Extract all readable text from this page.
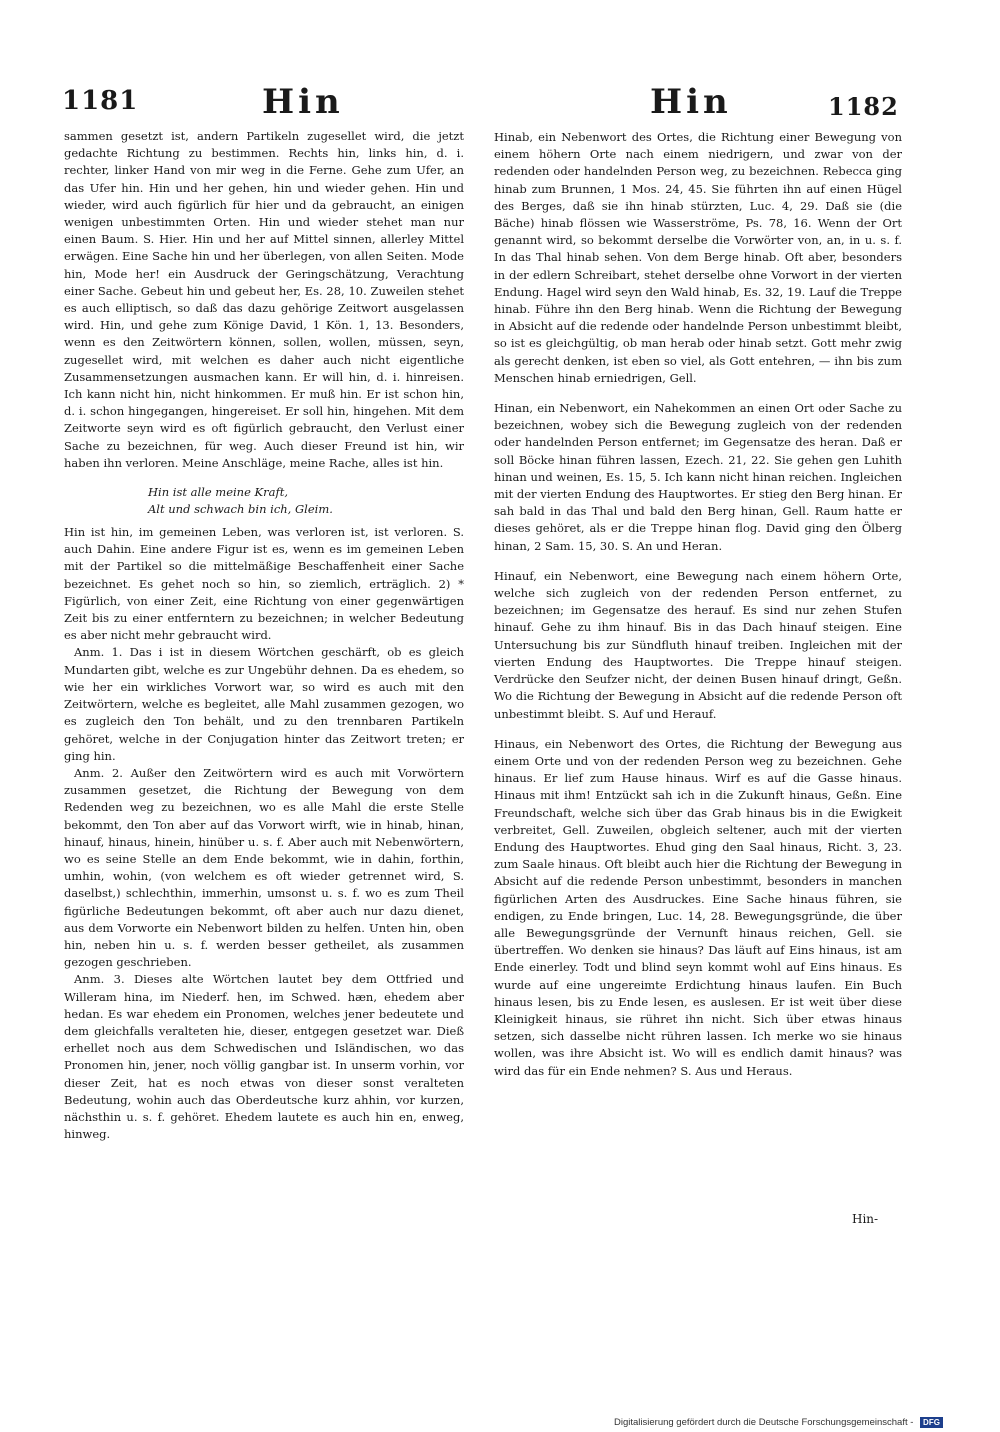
1181	Hin	Hin	1182

sammen gesetzt ist, andern Partikeln zugesellet wird, die jetzt gedachte Richtung zu bestimmen. Rechts hin, links hin, d. i. rechter, linker Hand von mir weg in die Ferne. Gehe zum Ufer, an das Ufer hin. Hin und her gehen, hin und wieder gehen. Hin und wieder, wird auch figürlich für hier und da gebraucht, an einigen wenigen unbestimmten Orten. Hin und wieder stehet man nur einen Baum. S. Hier. Hin und her auf Mittel sinnen, allerley Mittel erwägen. Eine Sache hin und her überlegen, von allen Seiten. Mode hin, Mode her! ein Ausdruck der Geringschätzung, Verachtung einer Sache. Gebeut hin und gebeut her, Es. 28, 10. Zuweilen stehet es auch elliptisch, so daß das dazu gehörige Zeitwort ausgelassen wird. Hin, und gehe zum Könige David, 1 Kön. 1, 13. Besonders, wenn es den Zeitwörtern können, sollen, wollen, müssen, seyn, zugesellet wird, mit welchen es daher auch nicht eigentliche Zusammensetzungen ausmachen kann. Er will hin, d. i. hinreisen. Ich kann nicht hin, nicht hinkommen. Er muß hin. Er ist schon hin, d. i. schon hingegangen, hingereiset. Er soll hin, hingehen. Mit dem Zeitworte seyn wird es oft figürlich gebraucht, den Verlust einer Sache zu bezeichnen, für weg. Auch dieser Freund ist hin, wir haben ihn verloren. Meine Anschläge, meine Rache, alles ist hin.

Hin ist alle meine Kraft,
Alt und schwach bin ich, Gleim.

Hin ist hin, im gemeinen Leben, was verloren ist, ist verloren. S. auch Dahin. Eine andere Figur ist es, wenn es im gemeinen Leben mit der Partikel so die mittelmäßige Beschaffenheit einer Sache bezeichnet. Es gehet noch so hin, so ziemlich, erträglich. 2) * Figürlich, von einer Zeit, eine Richtung von einer gegenwärtigen Zeit bis zu einer entferntern zu bezeichnen; in welcher Bedeutung es aber nicht mehr gebraucht wird.

Anm. 1. Das i ist in diesem Wörtchen geschärft, ob es gleich Mundarten gibt, welche es zur Ungebühr dehnen. Da es ehedem, so wie her ein wirkliches Vorwort war, so wird es auch mit den Zeitwörtern, welche es begleitet, alle Mahl zusammen gezogen, wo es zugleich den Ton behält, und zu den trennbaren Partikeln gehöret, welche in der Conjugation hinter das Zeitwort treten; er ging hin.

Anm. 2. Außer den Zeitwörtern wird es auch mit Vorwörtern zusammen gesetzet, die Richtung der Bewegung von dem Redenden weg zu bezeichnen, wo es alle Mahl die erste Stelle bekommt, den Ton aber auf das Vorwort wirft, wie in hinab, hinan, hinauf, hinaus, hinein, hinüber u. s. f. Aber auch mit Nebenwörtern, wo es seine Stelle an dem Ende bekommt, wie in dahin, forthin, umhin, wohin, (von welchem es oft wieder getrennet wird, S. daselbst,) schlechthin, immerhin, umsonst u. s. f. wo es zum Theil figürliche Bedeutungen bekommt, oft aber auch nur dazu dienet, aus dem Vorworte ein Nebenwort bilden zu helfen. Unten hin, oben hin, neben hin u. s. f. werden besser getheilet, als zusammen gezogen geschrieben.

Anm. 3. Dieses alte Wörtchen lautet bey dem Ottfried und Willeram hina, im Niederf. hen, im Schwed. hæn, ehedem aber hedan. Es war ehedem ein Pronomen, welches jener bedeutete und dem gleichfalls veralteten hie, dieser, entgegen gesetzet war. Dieß erhellet noch aus dem Schwedischen und Isländischen, wo das Pronomen hin, jener, noch völlig gangbar ist. In unserm vorhin, vor dieser Zeit, hat es noch etwas von dieser sonst veralteten Bedeutung, wohin auch das Oberdeutsche kurz ahhin, vor kurzen, nächsthin u. s. f. gehöret. Ehedem lautete es auch hin en, enweg, hinweg.

Hinab, ein Nebenwort des Ortes, die Richtung einer Bewegung von einem höhern Orte nach einem niedrigern, und zwar von der redenden oder handelnden Person weg, zu bezeichnen. Rebecca ging hinab zum Brunnen, 1 Mos. 24, 45. Sie führten ihn auf einen Hügel des Berges, daß sie ihn hinab stürzten, Luc. 4, 29. Daß sie (die Bäche) hinab flössen wie Wasserströme, Ps. 78, 16. Wenn der Ort genannt wird, so bekommt derselbe die Vorwörter von, an, in u. s. f. In das Thal hinab sehen. Von dem Berge hinab. Oft aber, besonders in der edlern Schreibart, stehet derselbe ohne Vorwort in der vierten Endung. Hagel wird seyn den Wald hinab, Es. 32, 19. Lauf die Treppe hinab. Führe ihn den Berg hinab. Wenn die Richtung der Bewegung in Absicht auf die redende oder handelnde Person unbestimmt bleibt, so ist es gleichgültig, ob man herab oder hinab setzt. Gott mehr zwig als gerecht denken, ist eben so viel, als Gott entehren, — ihn bis zum Menschen hinab erniedrigen, Gell.

Hinan, ein Nebenwort, ein Nahekommen an einen Ort oder Sache zu bezeichnen, wobey sich die Bewegung zugleich von der redenden oder handelnden Person entfernet; im Gegensatze des heran. Daß er soll Böcke hinan führen lassen, Ezech. 21, 22. Sie gehen gen Luhith hinan und weinen, Es. 15, 5. Ich kann nicht hinan reichen. Ingleichen mit der vierten Endung des Hauptwortes. Er stieg den Berg hinan. Er sah bald in das Thal und bald den Berg hinan, Gell. Raum hatte er dieses gehöret, als er die Treppe hinan flog. David ging den Ölberg hinan, 2 Sam. 15, 30. S. An und Heran.

Hinauf, ein Nebenwort, eine Bewegung nach einem höhern Orte, welche sich zugleich von der redenden Person entfernet, zu bezeichnen; im Gegensatze des herauf. Es sind nur zehen Stufen hinauf. Gehe zu ihm hinauf. Bis in das Dach hinauf steigen. Eine Untersuchung bis zur Sündfluth hinauf treiben. Ingleichen mit der vierten Endung des Hauptwortes. Die Treppe hinauf steigen. Verdrücke den Seufzer nicht, der deinen Busen hinauf dringt, Geßn. Wo die Richtung der Bewegung in Absicht auf die redende Person oft unbestimmt bleibt. S. Auf und Herauf.

Hinaus, ein Nebenwort des Ortes, die Richtung der Bewegung aus einem Orte und von der redenden Person weg zu bezeichnen. Gehe hinaus. Er lief zum Hause hinaus. Wirf es auf die Gasse hinaus. Hinaus mit ihm! Entzückt sah ich in die Zukunft hinaus, Geßn. Eine Freundschaft, welche sich über das Grab hinaus bis in die Ewigkeit verbreitet, Gell. Zuweilen, obgleich seltener, auch mit der vierten Endung des Hauptwortes. Ehud ging den Saal hinaus, Richt. 3, 23. zum Saale hinaus. Oft bleibt auch hier die Richtung der Bewegung in Absicht auf die redende Person unbestimmt, besonders in manchen figürlichen Arten des Ausdruckes. Eine Sache hinaus führen, sie endigen, zu Ende bringen, Luc. 14, 28. Bewegungsgründe, die über alle Bewegungsgründe der Vernunft hinaus reichen, Gell. sie übertreffen. Wo denken sie hinaus? Das läuft auf Eins hinaus, ist am Ende einerley. Todt und blind seyn kommt wohl auf Eins hinaus. Es wurde auf eine ungereimte Erdichtung hinaus laufen. Ein Buch hinaus lesen, bis zu Ende lesen, es auslesen. Er ist weit über diese Kleinigkeit hinaus, sie rühret ihn nicht. Sich über etwas hinaus setzen, sich dasselbe nicht rühren lassen. Ich merke wo sie hinaus wollen, was ihre Absicht ist. Wo will es endlich damit hinaus? was wird das für ein Ende nehmen? S. Aus und Heraus.

Hin-
Digitalisierung gefördert durch die Deutsche Forschungsgemeinschaft - DFG
